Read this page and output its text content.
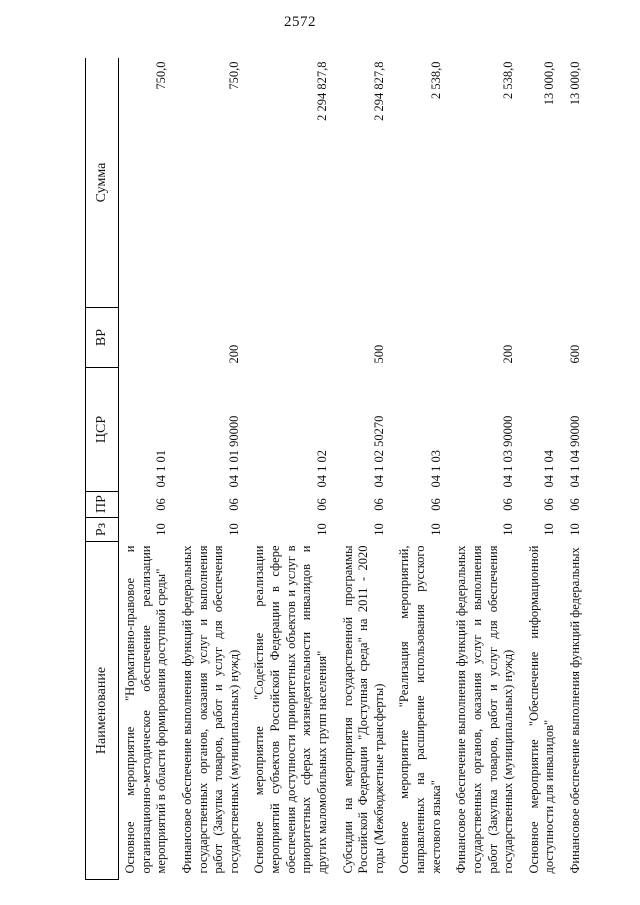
2572
Наименование	Рз	ПР	ЦСР	ВР	Сумма
Основное мероприятие "Нормативно-правовое и организационно-методическое обеспечение реализации мероприятий в области формирования доступной среды"	10	06	04 1 01		750,0
Финансовое обеспечение выполнения функций федеральных государственных органов, оказания услуг и выполнения работ (Закупка товаров, работ и услуг для обеспечения государственных (муниципальных) нужд)	10	06	04 1 01 90000	200	750,0
Основное мероприятие "Содействие реализации мероприятий субъектов Российской Федерации в сфере обеспечения доступности приоритетных объектов и услуг в приоритетных сферах жизнедеятельности инвалидов и других маломобильных групп населения"	10	06	04 1 02		2 294 827,8
Субсидии на мероприятия государственной программы Российской Федерации "Доступная среда" на 2011 - 2020 годы (Межбюджетные трансферты)	10	06	04 1 02 50270	500	2 294 827,8
Основное мероприятие "Реализация мероприятий, направленных на расширение использования русского жестового языка"	10	06	04 1 03		2 538,0
Финансовое обеспечение выполнения функций федеральных государственных органов, оказания услуг и выполнения работ (Закупка товаров, работ и услуг для обеспечения государственных (муниципальных) нужд)	10	06	04 1 03 90000	200	2 538,0
Основное мероприятие "Обеспечение информационной доступности для инвалидов"	10	06	04 1 04		13 000,0
Финансовое обеспечение выполнения функций федеральных	10	06	04 1 04 90000	600	13 000,0
